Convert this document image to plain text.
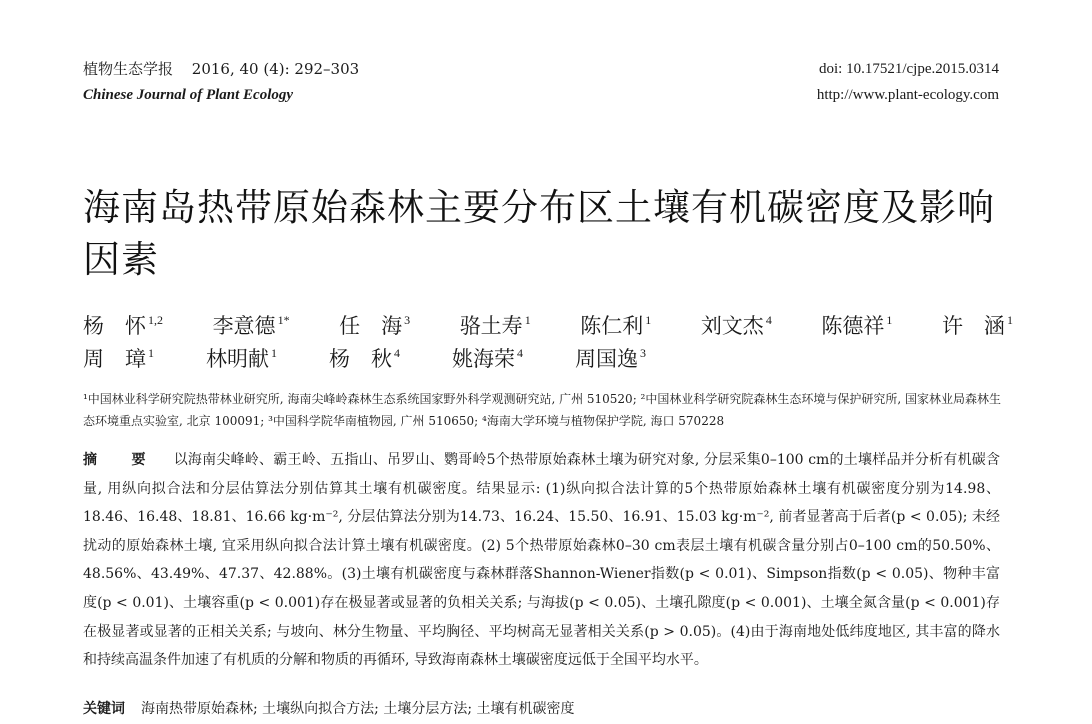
植物生态学报 2016, 40 (4): 292–303
Chinese Journal of Plant Ecology
doi: 10.17521/cjpe.2015.0314
http://www.plant-ecology.com
海南岛热带原始森林主要分布区土壤有机碳密度及影响因素
杨　怀 $^{1,2}$ 李意德 $^{1*}$ 任　海 $^3$ 骆土寿 $^1$ 陈仁利 $^1$ 刘文杰 $^4$ 陈德祥 $^1$ 许　涵 $^1$
周　璋 $^1$ 林明献 $^1$ 杨　秋 $^4$ 姚海荣 $^4$ 周国逸 $^3$
¹中国林业科学研究院热带林业研究所, 海南尖峰岭森林生态系统国家野外科学观测研究站, 广州 510520; ²中国林业科学研究院森林生态环境与保护研究所, 国家林业局森林生态环境重点实验室, 北京 100091; ³中国科学院华南植物园, 广州 510650; ⁴海南大学环境与植物保护学院, 海口 570228
摘　要 以海南尖峰岭、霸王岭、五指山、吊罗山、鹦哥岭5个热带原始森林土壤为研究对象, 分层采集0–100 cm的土壤样品并分析有机碳含量, 用纵向拟合法和分层估算法分别估算其土壤有机碳密度。结果显示: (1)纵向拟合法计算的5个热带原始森林土壤有机碳密度分别为14.98、18.46、16.48、18.81、16.66 kg·m⁻², 分层估算法分别为14.73、16.24、15.50、16.91、15.03 kg·m⁻², 前者显著高于后者(p < 0.05); 未经扰动的原始森林土壤, 宜采用纵向拟合法计算土壤有机碳密度。(2) 5个热带原始森林0–30 cm表层土壤有机碳含量分别占0–100 cm的50.50%、48.56%、43.49%、47.37、42.88%。(3)土壤有机碳密度与森林群落Shannon-Wiener指数(p < 0.01)、Simpson指数(p < 0.05)、物种丰富度(p < 0.01)、土壤容重(p < 0.001)存在极显著或显著的负相关关系; 与海拔(p < 0.05)、土壤孔隙度(p < 0.001)、土壤全氮含量(p < 0.001)存在极显著或显著的正相关关系; 与坡向、林分生物量、平均胸径、平均树高无显著相关关系(p > 0.05)。(4)由于海南地处低纬度地区, 其丰富的降水和持续高温条件加速了有机质的分解和物质的再循环, 导致海南森林土壤碳密度远低于全国平均水平。
关键词 海南热带原始森林; 土壤纵向拟合方法; 土壤分层方法; 土壤有机碳密度
